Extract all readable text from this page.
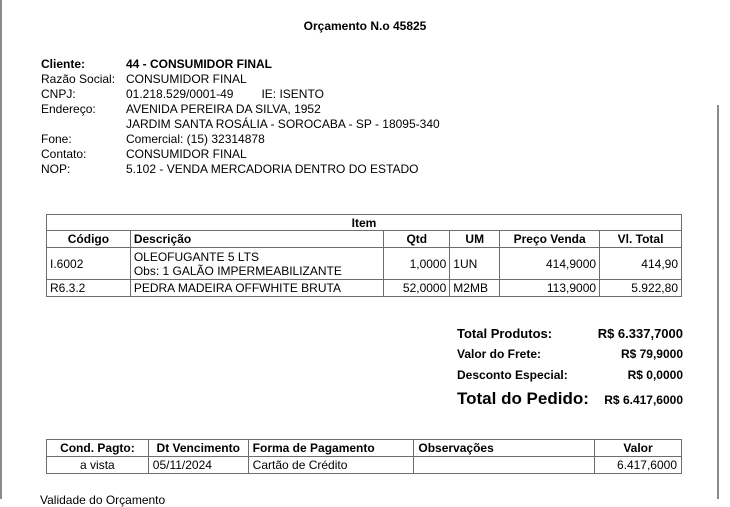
Orçamento N.o 45825
Cliente:	44 - CONSUMIDOR FINAL
Razão Social: CONSUMIDOR FINAL
CNPJ:	01.218.529/0001-49 IE: ISENTO
Endereço:	AVENIDA PEREIRA DA SILVA, 1952
JARDIM SANTA ROSÁLIA - SOROCABA - SP - 18095-340
Fone:	Comercial: (15) 32314878
Contato:	CONSUMIDOR FINAL
NOP:	5.102 - VENDA MERCADORIA DENTRO DO ESTADO
Item					
Código	Descrição	Qtd	UM	Preço Venda	Vl. Total
I.6002	OLEOFUGANTE 5 LTS
Obs: 1 GALÃO IMPERMEABILIZANTE	1,0000	1UN	414,9000	414,90
R6.3.2	PEDRA MADEIRA OFFWHITE BRUTA	52,0000	M2MB	113,9000	5.922,80
Total Produtos:	R$ 6.337,7000
Valor do Frete:	R$ 79,9000
Desconto Especial:	R$ 0,0000
Total do Pedido: R$ 6.417,6000
Cond. Pagto:	Dt Vencimento	Forma de Pagamento	Observações	Valor
a vista	05/11/2024	Cartão de Crédito		6.417,6000
Validade do Orçamento
